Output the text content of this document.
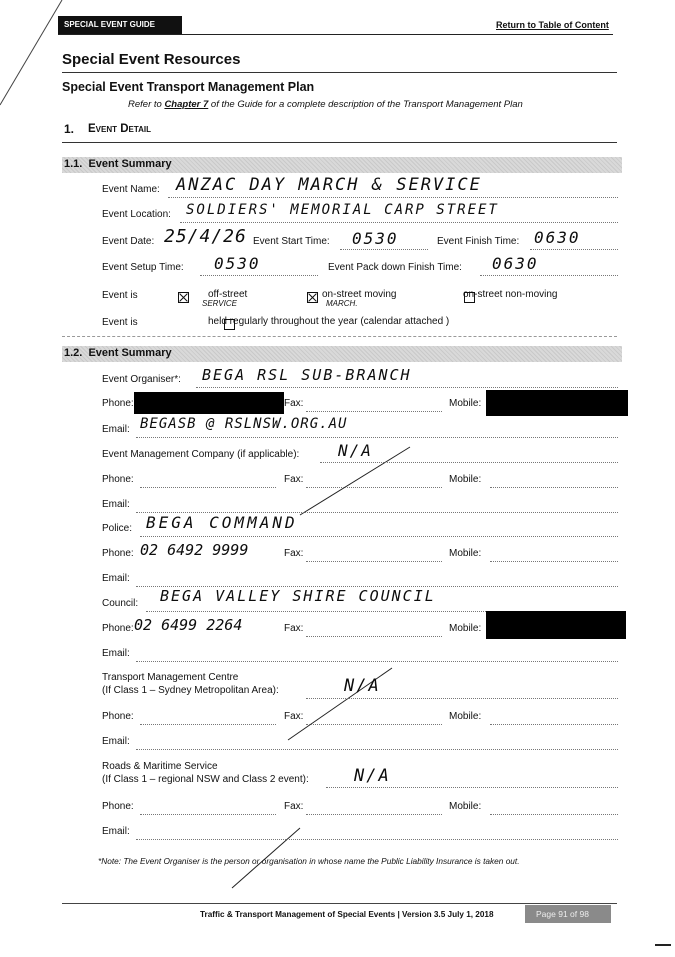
SPECIAL EVENT GUIDE	Return to Table of Content
Special Event Resources
Special Event Transport Management Plan
Refer to Chapter 7 of the Guide for a complete description of the Transport Management Plan
1. Event Detail
1.1.  Event Summary
Event Name: ANZAC DAY MARCH & SERVICE
Event Location: SOLDIERS' MEMORIAL CARP STREET
Event Date: 25/4/26 Event Start Time: 0530	Event Finish Time: 0630
Event Setup Time: 0530	Event Pack down Finish Time: 0630
Event is
	off-street
SERVICE

on-street moving
MARCH.

on-street non-moving
Event is	held regularly throughout the year (calendar attached )
1.2.  Event Summary
Event Organiser*: BEGA RSL SUB-BRANCH
Phone:	Fax:	Mobile:
Email: BEGASB @ RSLNSW.ORG.AU
Event Management Company (if applicable): N/A
Phone:	Fax:	Mobile:
Email:
Police: BEGA COMMAND
Phone: 02 6492 9999	Fax:	Mobile:
Email:
Council: BEGA VALLEY SHIRE COUNCIL
Phone: 02 6499 2264	Fax:	Mobile:
Email:
Transport Management Centre
(If Class 1 – Sydney Metropolitan Area):	N/A
Phone:	Fax:	Mobile:
Email:
Roads & Maritime Service
(If Class 1 – regional NSW and Class 2 event):	N/A
Phone:	Fax:	Mobile:
Email:
*Note: The Event Organiser is the person or organisation in whose name the Public Liability Insurance is taken out.
Traffic & Transport Management of Special Events | Version 3.5 July 1, 2018	Page 91 of 98
